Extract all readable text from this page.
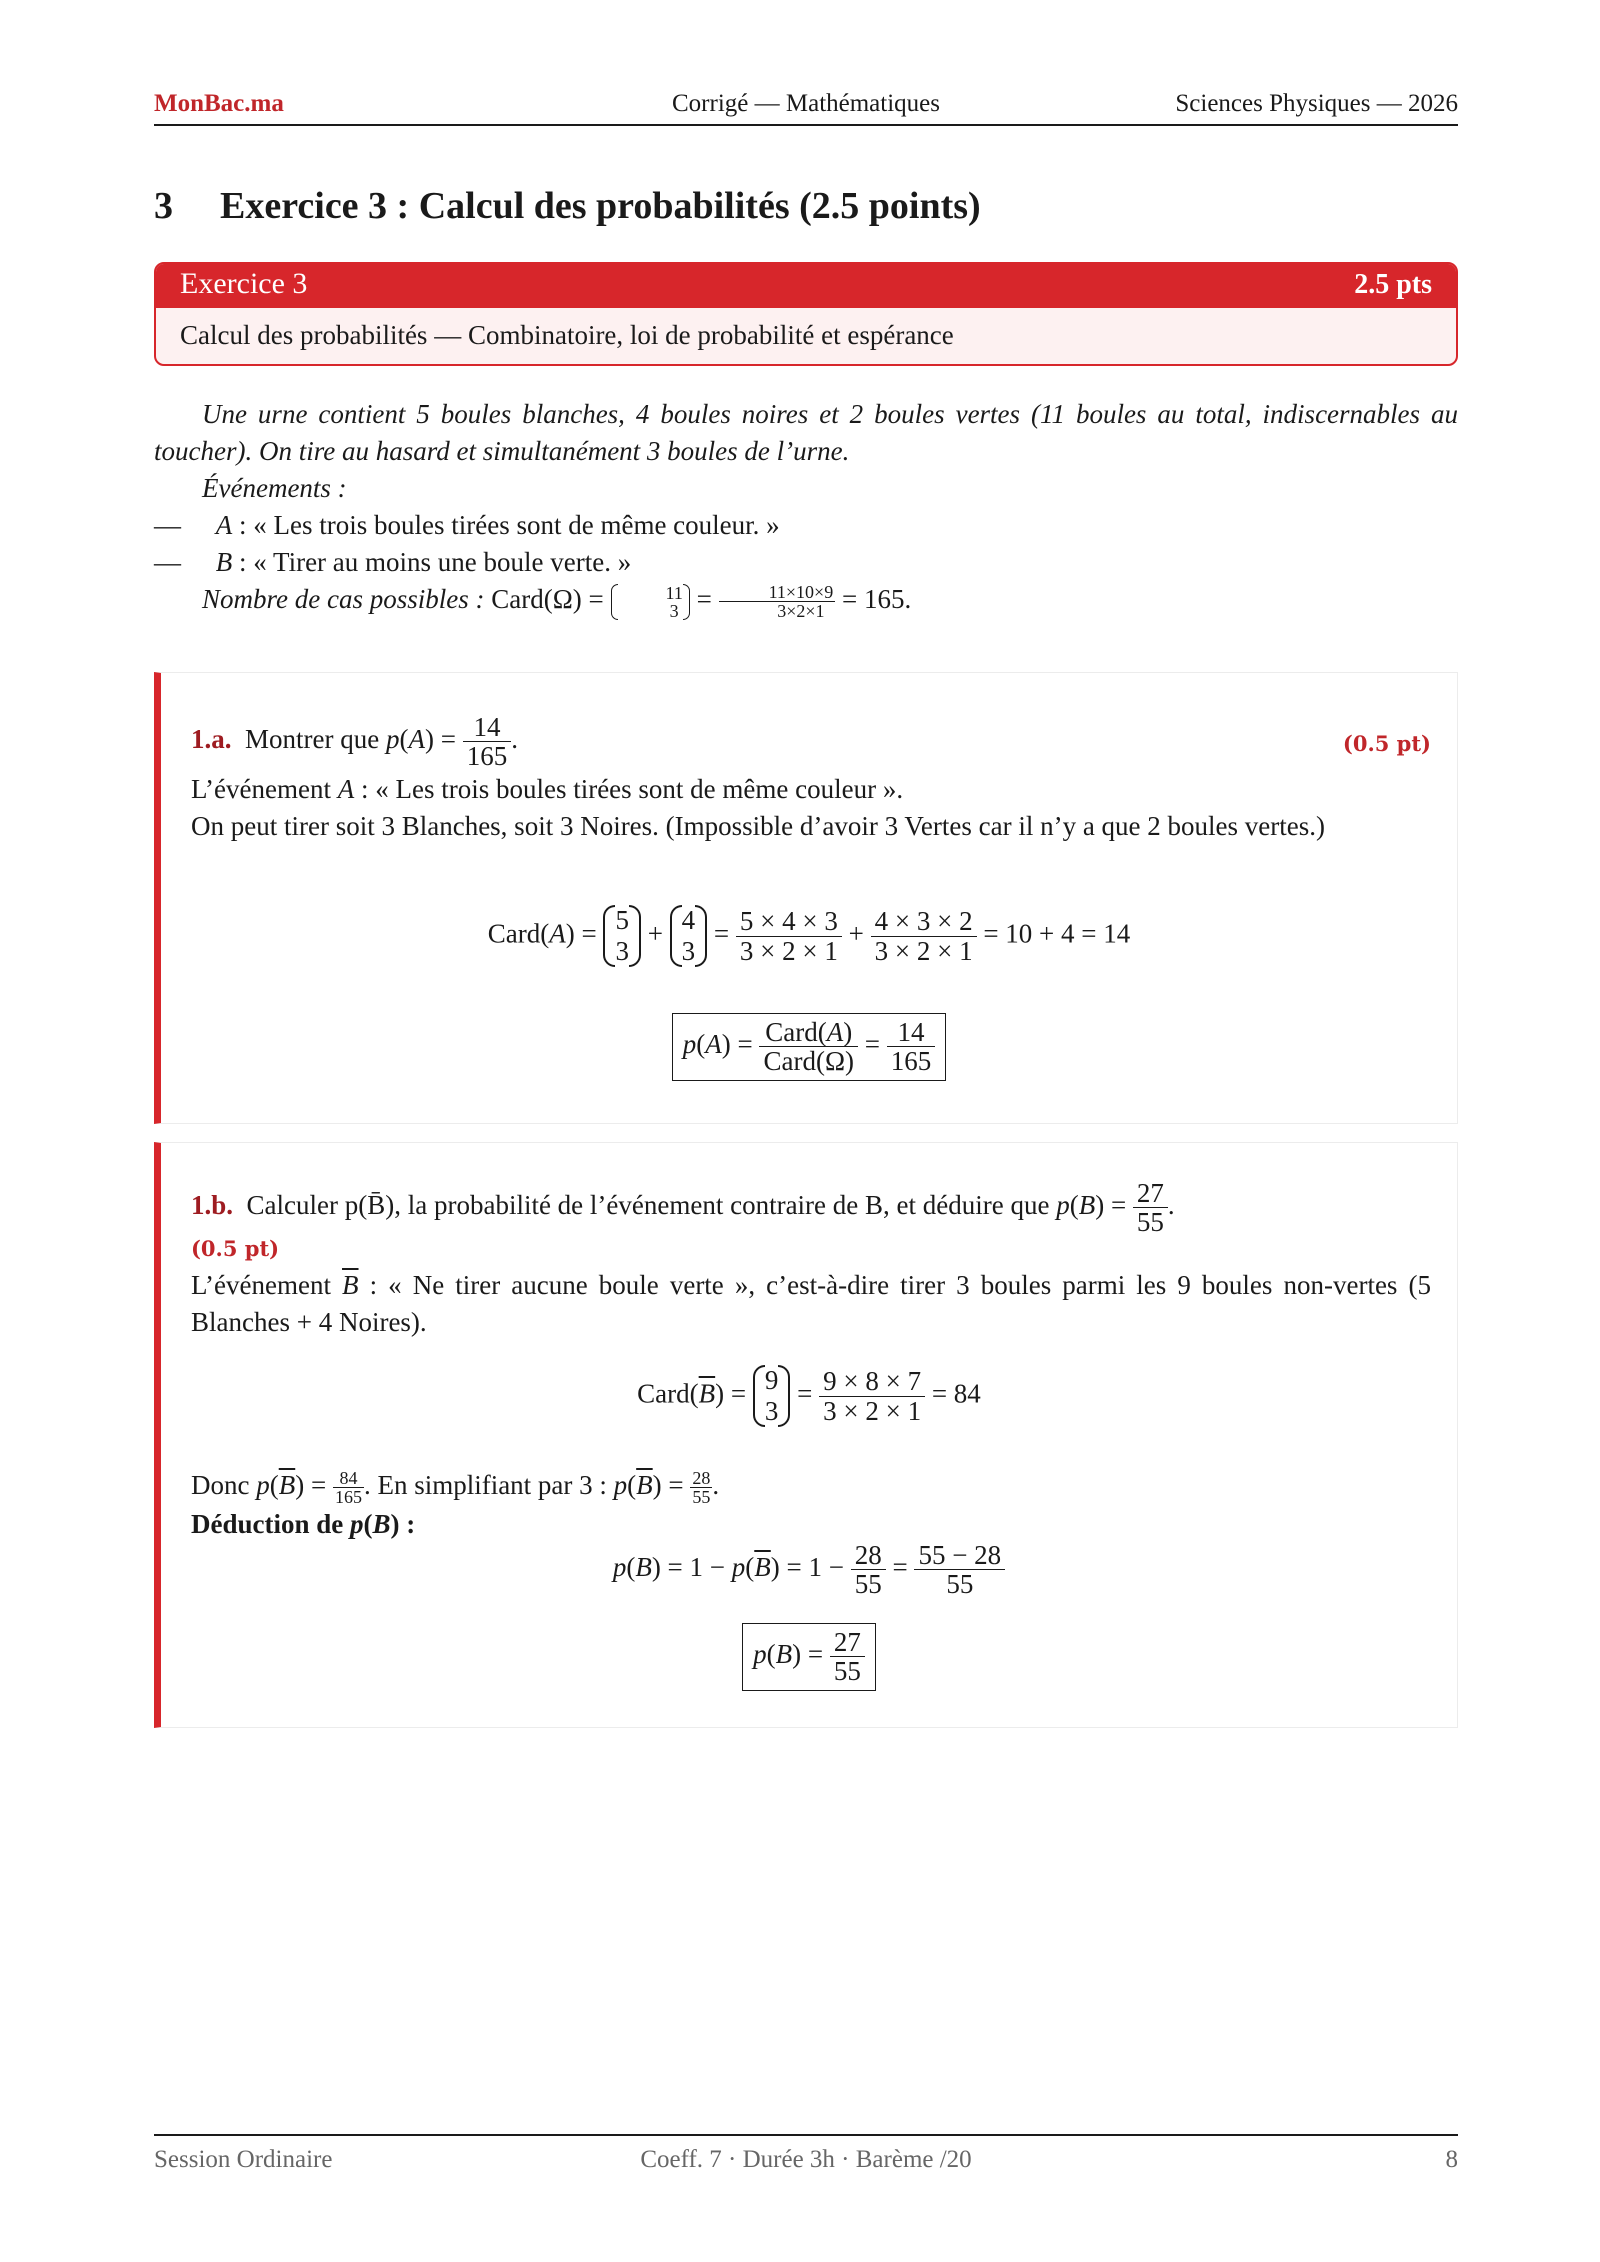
MonBac.ma	Corrigé — Mathématiques	Sciences Physiques — 2026
3 Exercice 3 : Calcul des probabilités (2.5 points)
Exercice 3	2.5 pts
Calcul des probabilités — Combinatoire, loi de probabilité et espérance
Une urne contient 5 boules blanches, 4 boules noires et 2 boules vertes (11 boules au total, indiscernables au toucher). On tire au hasard et simultanément 3 boules de l’urne.
Événements :
— A : « Les trois boules tirées sont de même couleur. »
— B : « Tirer au moins une boule verte. »
Nombre de cas possibles : Card(Ω) =	11
$3 = \frac{11\times 10\times 9}{3\times 2\times 1} = 165$.
1.a. Montrer que $p(A) = \frac{14}{165}$ .	(0.5 pt)
L’événement A : « Les trois boules tirées sont de même couleur ».
On peut tirer soit 3 Blanches, soit 3 Noires. (Impossible d’avoir 3 Vertes car il n’y a que 2 boules vertes.)
Card(A) = 5
3
+ 4
3
= $\frac{5 \times 4 \times 3}{3 \times 2 \times 1} + \frac{4 \times 3 \times 2}{3 \times 2 \times 1} = 10 + 4 = 14$
$p(A) = \frac{\text{Card(A)}}{\text{Card(Ω)}} = \frac{14}{165}$
1.b. Calculer p(B̄), la probabilité de l’événement contraire de B, et déduire que $p(B) = \frac{27}{55}$ .
(0.5 pt)
L’événement $\overline{B}$ : « Ne tirer aucune boule verte », c’est-à-dire tirer 3 boules parmi les 9 boules non-vertes (5 Blanches + 4 Noires).
$Card(\overline{B}) = 9$
3
= $\frac{9 \times 8 \times 7}{3 \times 2 \times 1} = 84$
Donc $p(\overline{B}) = \frac{84}{165}$ . En simplifiant par 3 : $p(\overline{B}) = \frac{28}{55}$ .
Déduction de p(B) :
$p(B) = 1 - p(\overline{B}) = 1 - \frac{28}{55} = \frac{55 - 28}{55}$
$p(B) = \frac{27}{55}$
Session Ordinaire	Coeff. 7 · Durée 3h · Barème /20	8
